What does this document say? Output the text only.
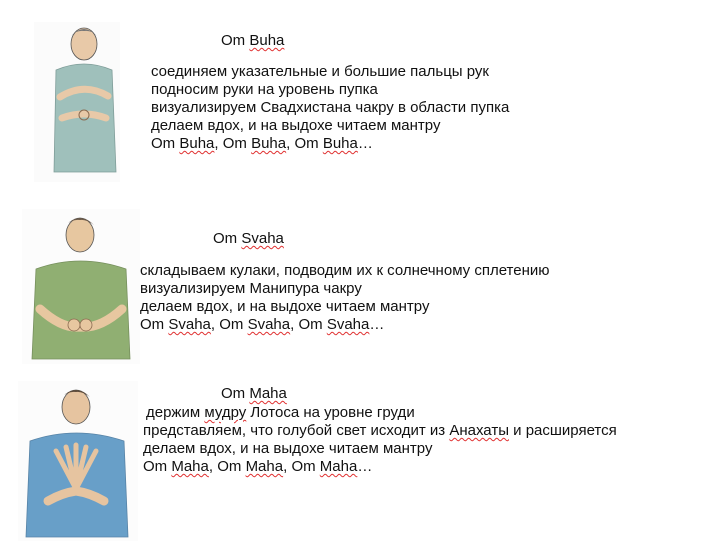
Om Buha
соединяем указательные и большие пальцы рук
подносим руки на уровень пупка
визуализируем Свадхистана чакру в области пупка
делаем вдох, и на выдохе читаем мантру
Om Buha, Om Buha, Om Buha…
Om Svaha
складываем кулаки, подводим их к солнечному сплетению
визуализируем Манипура чакру
делаем вдох, и на выдохе читаем мантру
Om Svaha, Om Svaha, Om Svaha…
Om Maha
держим мудру Лотоса на уровне груди
представляем, что голубой свет исходит из Анахаты и расширяется
делаем вдох, и на выдохе читаем мантру
Om Maha, Om Maha, Om Maha…
